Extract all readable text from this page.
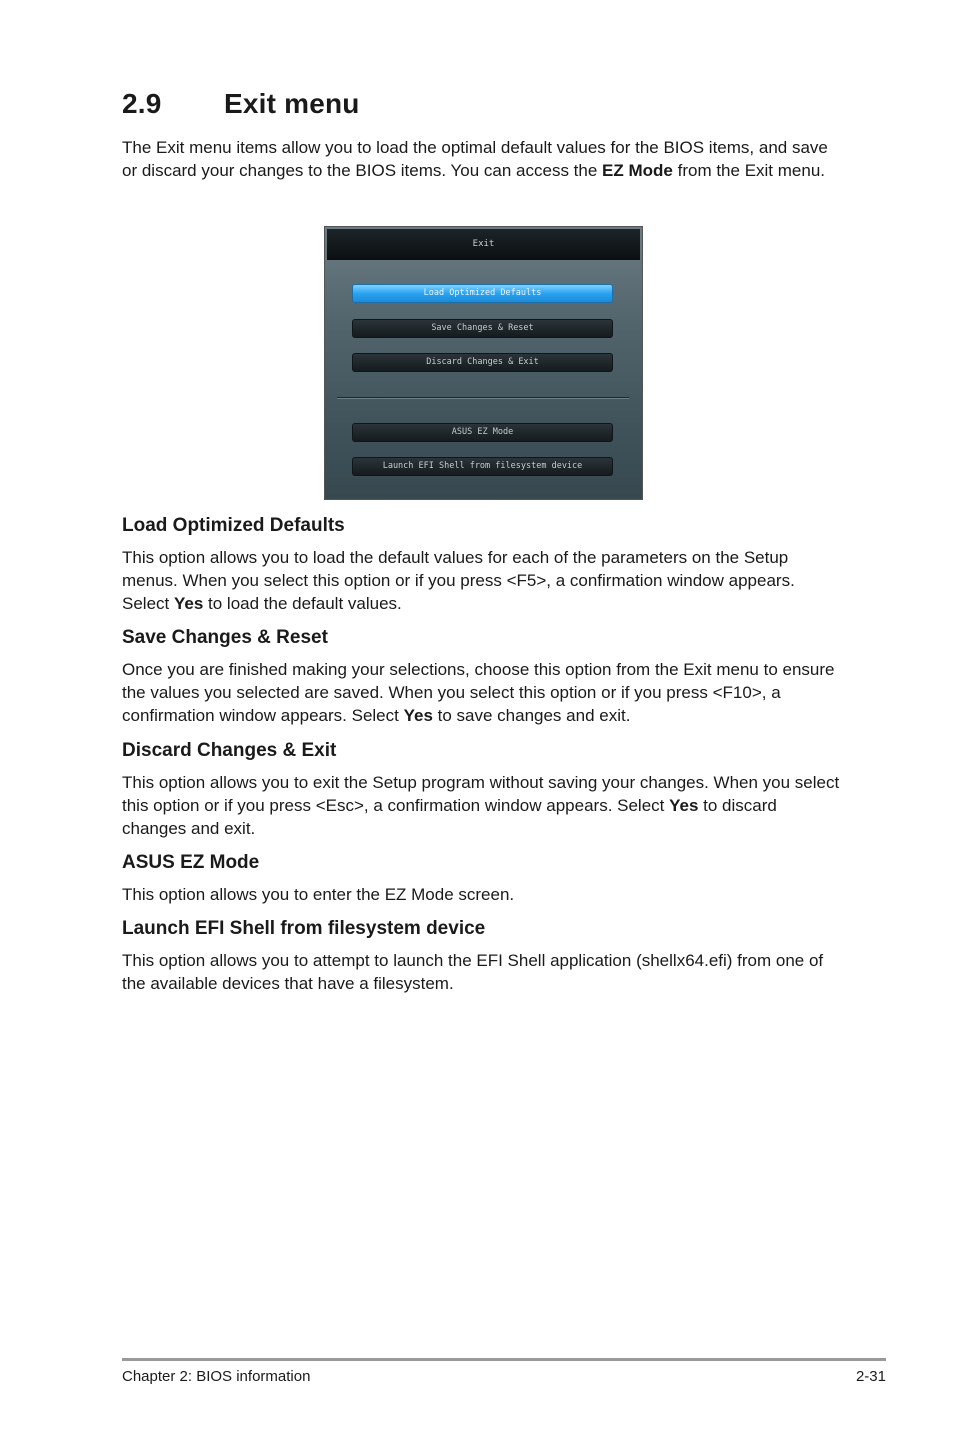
2.9 Exit menu

The Exit menu items allow you to load the optimal default values for the BIOS items, and save or discard your changes to the BIOS items. You can access the EZ Mode from the Exit menu.

Exit
Load Optimized Defaults
Save Changes & Reset
Discard Changes & Exit
ASUS EZ Mode
Launch EFI Shell from filesystem device
Load Optimized Defaults

This option allows you to load the default values for each of the parameters on the Setup menus. When you select this option or if you press <F5>, a confirmation window appears. Select Yes to load the default values.

Save Changes & Reset

Once you are finished making your selections, choose this option from the Exit menu to ensure the values you selected are saved. When you select this option or if you press <F10>, a confirmation window appears. Select Yes to save changes and exit.

Discard Changes & Exit

This option allows you to exit the Setup program without saving your changes. When you select this option or if you press <Esc>, a confirmation window appears. Select Yes to discard changes and exit.

ASUS EZ Mode

This option allows you to enter the EZ Mode screen.

Launch EFI Shell from filesystem device

This option allows you to attempt to launch the EFI Shell application (shellx64.efi) from one of the available devices that have a filesystem.

Chapter 2: BIOS information	2-31
